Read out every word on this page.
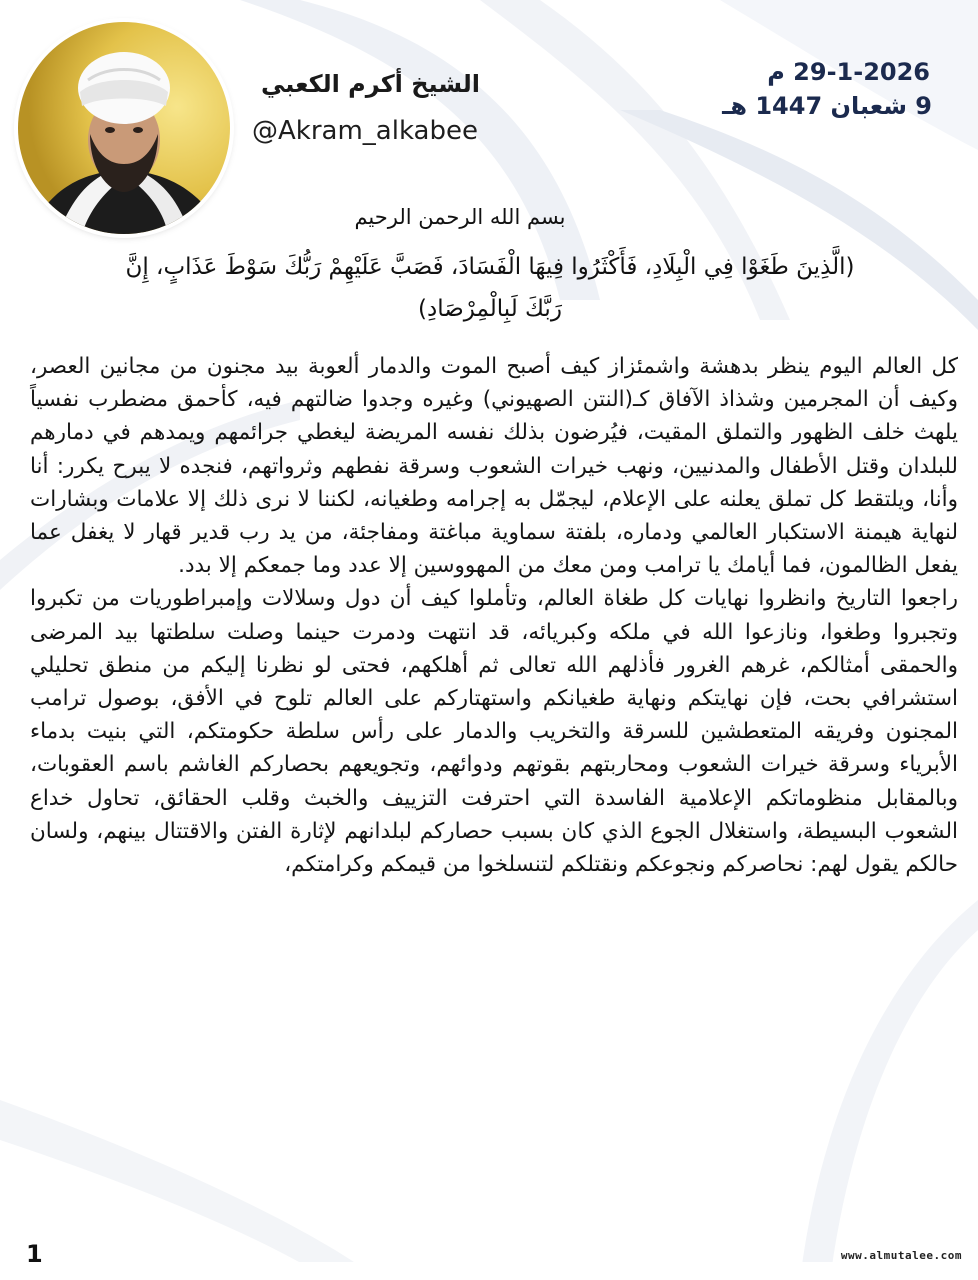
الشيخ أكرم الكعبي
@Akram_alkabee
29-1-2026 م
9 شعبان 1447 هـ
بسم الله الرحمن الرحيم
(الَّذِينَ طَغَوْا فِي الْبِلَادِ، فَأَكْثَرُوا فِيهَا الْفَسَادَ، فَصَبَّ عَلَيْهِمْ رَبُّكَ سَوْطَ عَذَابٍ، إِنَّ رَبَّكَ لَبِالْمِرْصَادِ)

كل العالم اليوم ينظر بدهشة واشمئزاز كيف أصبح الموت والدمار ألعوبة بيد مجنون من مجانين العصر، وكيف أن المجرمين وشذاذ الآفاق كـ(النتن الصهيوني) وغيره وجدوا ضالتهم فيه، كأحمق مضطرب نفسياً يلهث خلف الظهور والتملق المقيت، فيُرضون بذلك نفسه المريضة ليغطي جرائمهم ويمدهم في دمارهم للبلدان وقتل الأطفال والمدنيين، ونهب خيرات الشعوب وسرقة نفطهم وثرواتهم، فنجده لا يبرح يكرر: أنا وأنا، ويلتقط كل تملق يعلنه على الإعلام، ليجمّل به إجرامه وطغيانه، لكننا لا نرى ذلك إلا علامات وبشارات لنهاية هيمنة الاستكبار العالمي ودماره، بلفتة سماوية مباغتة ومفاجئة، من يد رب قدير قهار لا يغفل عما يفعل الظالمون، فما أيامك يا ترامب ومن معك من المهووسين إلا عدد وما جمعكم إلا بدد.

راجعوا التاريخ وانظروا نهايات كل طغاة العالم، وتأملوا كيف أن دول وسلالات وإمبراطوريات من تكبروا وتجبروا وطغوا، ونازعوا الله في ملكه وكبريائه، قد انتهت ودمرت حينما وصلت سلطتها بيد المرضى والحمقى أمثالكم، غرهم الغرور فأذلهم الله تعالى ثم أهلكهم، فحتى لو نظرنا إليكم من منطق تحليلي استشرافي بحت، فإن نهايتكم ونهاية طغيانكم واستهتاركم على العالم تلوح في الأفق، بوصول ترامب المجنون وفريقه المتعطشين للسرقة والتخريب والدمار على رأس سلطة حكومتكم، التي بنيت بدماء الأبرياء وسرقة خيرات الشعوب ومحاربتهم بقوتهم ودوائهم، وتجويعهم بحصاركم الغاشم باسم العقوبات، وبالمقابل منظوماتكم الإعلامية الفاسدة التي احترفت التزييف والخبث وقلب الحقائق، تحاول خداع الشعوب البسيطة، واستغلال الجوع الذي كان بسبب حصاركم لبلدانهم لإثارة الفتن والاقتتال بينهم، ولسان حالكم يقول لهم: نحاصركم ونجوعكم ونقتلكم لتنسلخوا من قيمكم وكرامتكم،

1	www.almutalee.com
